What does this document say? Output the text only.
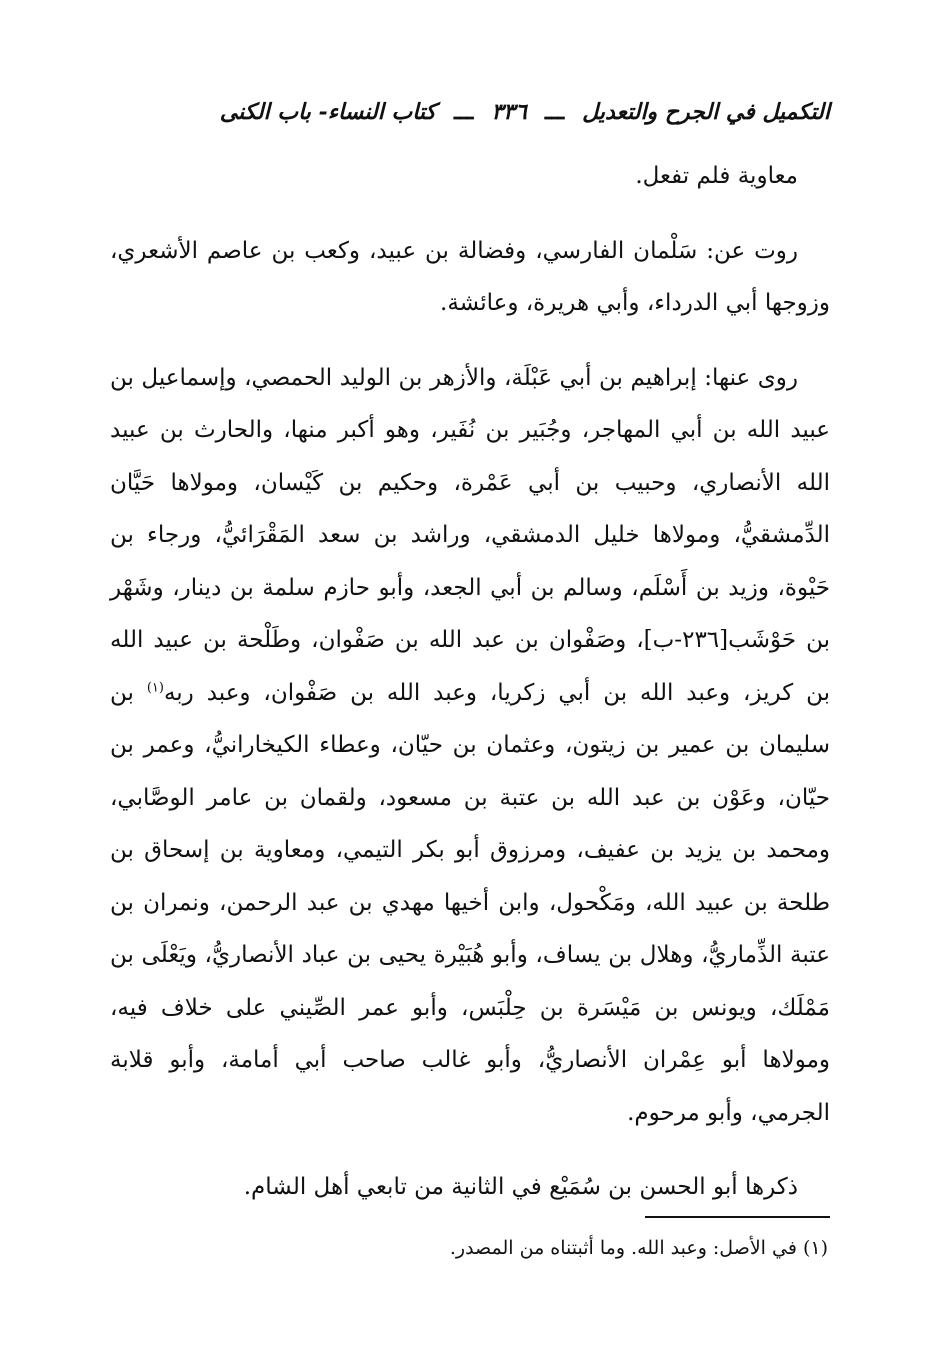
التكميل في الجرح والتعديل
ـــ
٣٣٦
ـــ
كتاب النساء- باب الكنى

معاوية فلم تفعل.

روت عن: سَلْمان الفارسي، وفضالة بن عبيد، وكعب بن عاصم الأشعري، وزوجها أبي الدرداء، وأبي هريرة، وعائشة.

روى عنها: إبراهيم بن أبي عَبْلَة، والأزهر بن الوليد الحمصي، وإسماعيل بن عبيد الله بن أبي المهاجر، وجُبَير بن نُفَير، وهو أكبر منها، والحارث بن عبيد الله الأنصاري، وحبيب بن أبي عَمْرة، وحكيم بن كَيْسان، ومولاها حَيَّان الدِّمشقيُّ، ومولاها خليل الدمشقي، وراشد بن سعد المَقْرَائيُّ، ورجاء بن حَيْوة، وزيد بن أَسْلَم، وسالم بن أبي الجعد، وأبو حازم سلمة بن دينار، وشَهْر بن حَوْشَب[٢٣٦-ب]، وصَفْوان بن عبد الله بن صَفْوان، وطَلْحة بن عبيد الله بن كريز، وعبد الله بن أبي زكريا، وعبد الله بن صَفْوان، وعبد ربه$^{(١)}$ بن سليمان بن عمير بن زيتون، وعثمان بن حيّان، وعطاء الكيخارانيُّ، وعمر بن حيّان، وعَوْن بن عبد الله بن عتبة بن مسعود، ولقمان بن عامر الوصَّابي، ومحمد بن يزيد بن عفيف، ومرزوق أبو بكر التيمي، ومعاوية بن إسحاق بن طلحة بن عبيد الله، ومَكْحول، وابن أخيها مهدي بن عبد الرحمن، ونمران بن عتبة الذِّماريُّ، وهلال بن يساف، وأبو هُبَيْرة يحيى بن عباد الأنصاريُّ، ويَعْلَى بن مَمْلَك، ويونس بن مَيْسَرة بن حِلْبَس، وأبو عمر الصِّيني على خلاف فيه، ومولاها أبو عِمْران الأنصاريُّ، وأبو غالب صاحب أبي أمامة، وأبو قلابة الجرمي، وأبو مرحوم.

ذكرها أبو الحسن بن سُمَيْع في الثانية من تابعي أهل الشام.

(١) في الأصل: وعبد الله. وما أثبتناه من المصدر.
